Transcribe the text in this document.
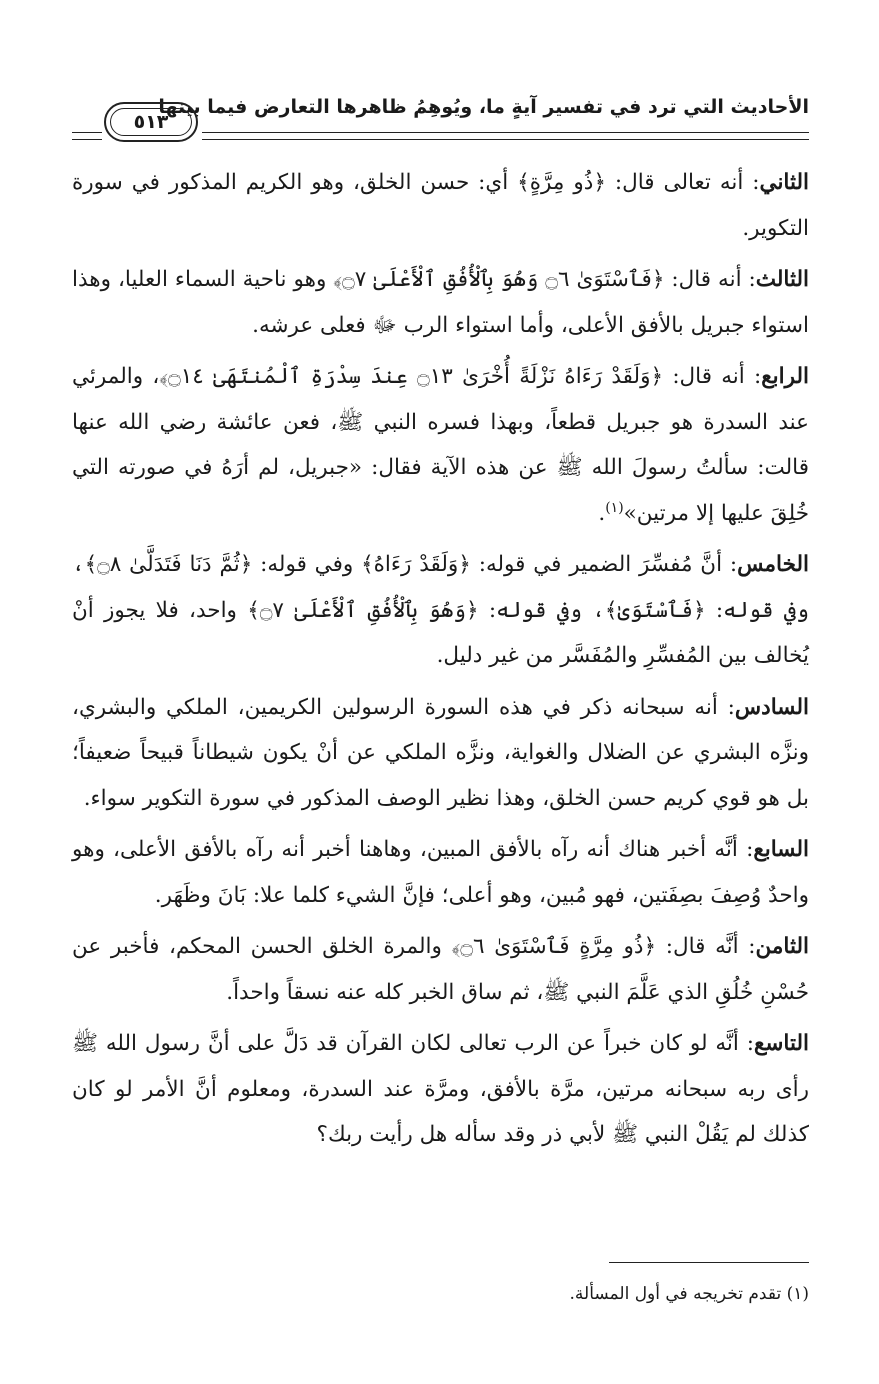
الأحاديث التي ترد في تفسير آيةٍ ما، ويُوهِمُ ظاهرها التعارض فيما بينها
٥١٣

الثاني: أنه تعالى قال: ﴿ذُو مِرَّةٍ﴾ أي: حسن الخلق، وهو الكريم المذكور في سورة التكوير.

الثالث: أنه قال: ﴿فَٱسْتَوَىٰ ۝٦ وَهُوَ بِٱلْأُفُقِ ٱلْأَعْلَىٰ ۝٧﴾ وهو ناحية السماء العليا، وهذا استواء جبريل بالأفق الأعلى، وأما استواء الرب ﷻ فعلى عرشه.

الرابع: أنه قال: ﴿وَلَقَدْ رَءَاهُ نَزْلَةً أُخْرَىٰ ۝١٣ عِندَ سِدْرَةِ ٱلْمُنتَهَىٰ ۝١٤﴾، والمرئي عند السدرة هو جبريل قطعاً، وبهذا فسره النبي ﷺ، فعن عائشة رضي الله عنها قالت: سألتُ رسولَ الله ﷺ عن هذه الآية فقال: «جبريل، لم أرَهُ في صورته التي خُلِقَ عليها إلا مرتين»$^{(١)}$.

الخامس: أنَّ مُفسِّرَ الضمير في قوله: ﴿وَلَقَدْ رَءَاهُ﴾ وفي قوله: ﴿ثُمَّ دَنَا فَتَدَلَّىٰ ۝٨﴾، وفي قوله: ﴿فَٱسْتَوَىٰ﴾، وفي قوله: ﴿وَهُوَ بِٱلْأُفُقِ ٱلْأَعْلَىٰ ۝٧﴾ واحد، فلا يجوز أنْ يُخالف بين المُفسِّرِ والمُفَسَّر من غير دليل.

السادس: أنه سبحانه ذكر في هذه السورة الرسولين الكريمين، الملكي والبشري، ونزَّه البشري عن الضلال والغواية، ونزَّه الملكي عن أنْ يكون شيطاناً قبيحاً ضعيفاً؛ بل هو قوي كريم حسن الخلق، وهذا نظير الوصف المذكور في سورة التكوير سواء.

السابع: أنَّه أخبر هناك أنه رآه بالأفق المبين، وهاهنا أخبر أنه رآه بالأفق الأعلى، وهو واحدٌ وُصِفَ بصِفَتين، فهو مُبين، وهو أعلى؛ فإنَّ الشيء كلما علا: بَانَ وظَهَر.

الثامن: أنَّه قال: ﴿ذُو مِرَّةٍ فَٱسْتَوَىٰ ۝٦﴾ والمرة الخلق الحسن المحكم، فأخبر عن حُسْنِ خُلُقِ الذي عَلَّمَ النبي ﷺ، ثم ساق الخبر كله عنه نسقاً واحداً.

التاسع: أنَّه لو كان خبراً عن الرب تعالى لكان القرآن قد دَلَّ على أنَّ رسول الله ﷺ رأى ربه سبحانه مرتين، مرَّة بالأفق، ومرَّة عند السدرة، ومعلوم أنَّ الأمر لو كان كذلك لم يَقُلْ النبي ﷺ لأبي ذر وقد سأله هل رأيت ربك؟

(١) تقدم تخريجه في أول المسألة.
